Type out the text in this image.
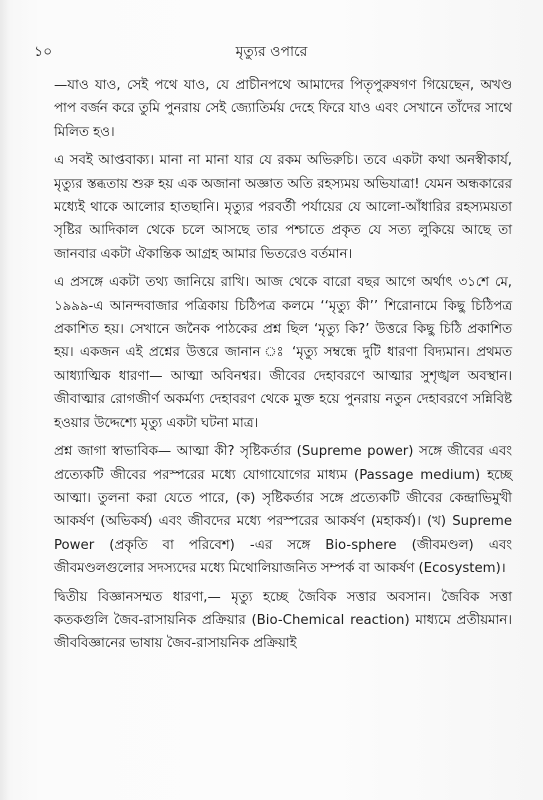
১০	মৃত্যুর ওপারে

—যাও যাও, সেই পথে যাও, যে প্রাচীনপথে আমাদের পিতৃপুরুষগণ গিয়েছেন, অখণ্ড পাপ বর্জন করে তুমি পুনরায় সেই জ্যোতির্ময় দেহে ফিরে যাও এবং সেখানে তাঁদের সাথে মিলিত হও।

এ সবই আপ্তবাক্য। মানা না মানা যার যে রকম অভিরুচি। তবে একটা কথা অনস্বীকার্য, মৃত্যুর স্তব্ধতায় শুরু হয় এক অজানা অজ্ঞাত অতি রহস্যময় অভিযাত্রা! যেমন অন্ধকারের মধ্যেই থাকে আলোর হাতছানি। মৃত্যুর পরবর্তী পর্যায়ের যে আলো-আঁধারির রহস্যময়তা সৃষ্টির আদিকাল থেকে চলে আসছে তার পশ্চাতে প্রকৃত যে সত্য লুকিয়ে আছে তা জানবার একটা ঐকান্তিক আগ্রহ আমার ভিতরেও বর্তমান।

এ প্রসঙ্গে একটা তথ্য জানিয়ে রাখি। আজ থেকে বারো বছর আগে অর্থাৎ ৩১শে মে, ১৯৯৯-এ আনন্দবাজার পত্রিকায় চিঠিপত্র কলমে ‘‘মৃত্যু কী’’ শিরোনামে কিছু চিঠিপত্র প্রকাশিত হয়। সেখানে জনৈক পাঠকের প্রশ্ন ছিল ‘মৃত্যু কি?’ উত্তরে কিছু চিঠি প্রকাশিত হয়। একজন এই প্রশ্নের উত্তরে জানান ঃ ‘মৃত্যু সম্বন্ধে দুটি ধারণা বিদ্যমান। প্রথমত আধ্যাত্মিক ধারণা— আত্মা অবিনশ্বর। জীবের দেহাবরণে আত্মার সুশৃঙ্খল অবস্থান। জীবাত্মার রোগজীর্ণ অকর্মণ্য দেহাবরণ থেকে মুক্ত হয়ে পুনরায় নতুন দেহাবরণে সন্নিবিষ্ট হওয়ার উদ্দেশ্যে মৃত্যু একটা ঘটনা মাত্র।

প্রশ্ন জাগা স্বাভাবিক— আত্মা কী? সৃষ্টিকর্তার (Supreme power) সঙ্গে জীবের এবং প্রত্যেকটি জীবের পরস্পরের মধ্যে যোগাযোগের মাধ্যম (Passage medium) হচ্ছে আত্মা। তুলনা করা যেতে পারে, (ক) সৃষ্টিকর্তার সঙ্গে প্রত্যেকটি জীবের কেন্দ্রাভিমুখী আকর্ষণ (অভিকর্ষ) এবং জীবদের মধ্যে পরস্পরের আকর্ষণ (মহাকর্ষ)। (খ) Supreme Power (প্রকৃতি বা পরিবেশ) -এর সঙ্গে Bio-sphere (জীবমণ্ডল) এবং জীবমণ্ডলগুলোর সদস্যদের মধ্যে মিথোলিয়াজনিত সম্পর্ক বা আকর্ষণ (Ecosystem)।

দ্বিতীয় বিজ্ঞানসম্মত ধারণা,— মৃত্যু হচ্ছে জৈবিক সত্তার অবসান। জৈবিক সত্তা কতকগুলি জৈব-রাসায়নিক প্রক্রিয়ার (Bio-Chemical reaction) মাধ্যমে প্রতীয়মান। জীববিজ্ঞানের ভাষায় জৈব-রাসায়নিক প্রক্রিয়াই
